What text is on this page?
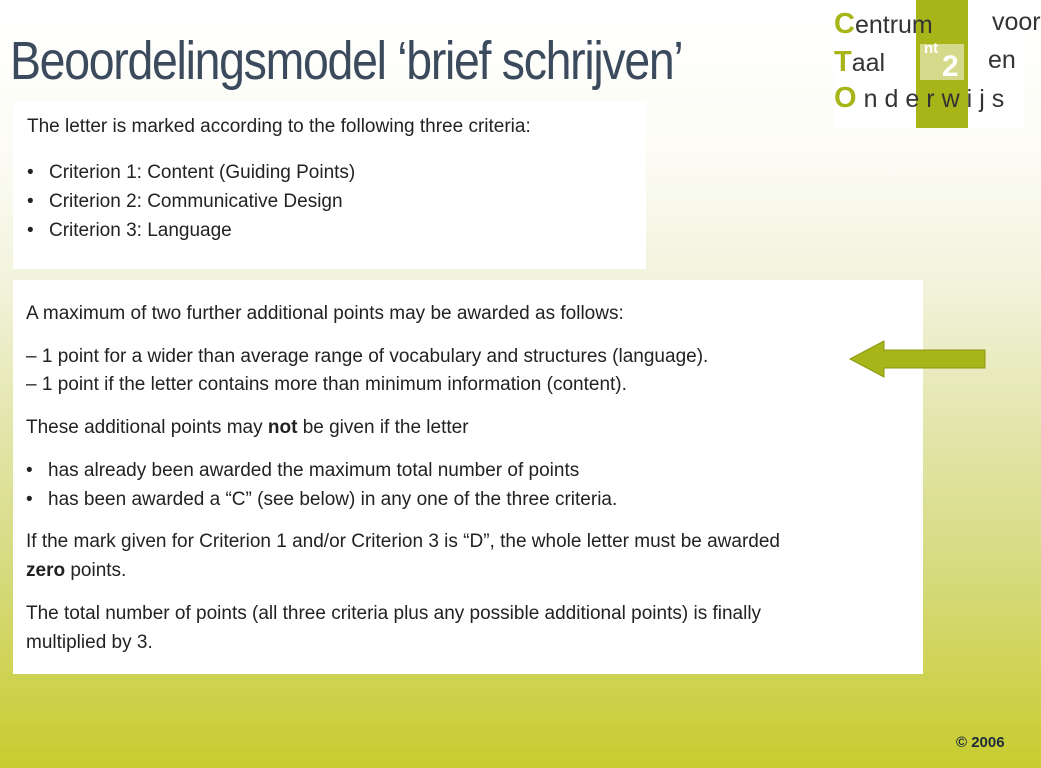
Beoordelingsmodel ‘brief schrijven’	nt
2
Centrum voor
Taal	en
Onderwijs
The letter is marked according to the following three criteria:
• Criterion 1: Content (Guiding Points)
• Criterion 2: Communicative Design
• Criterion 3: Language
A maximum of two further additional points may be awarded as follows:
– 1 point for a wider than average range of vocabulary and structures (language).
– 1 point if the letter contains more than minimum information (content).
These additional points may not be given if the letter
• has already been awarded the maximum total number of points
• has been awarded a “C” (see below) in any one of the three criteria.
If the mark given for Criterion 1 and/or Criterion 3 is “D”, the whole letter must be awarded
zero points.
The total number of points (all three criteria plus any possible additional points) is finally
multiplied by 3.
© 2006
